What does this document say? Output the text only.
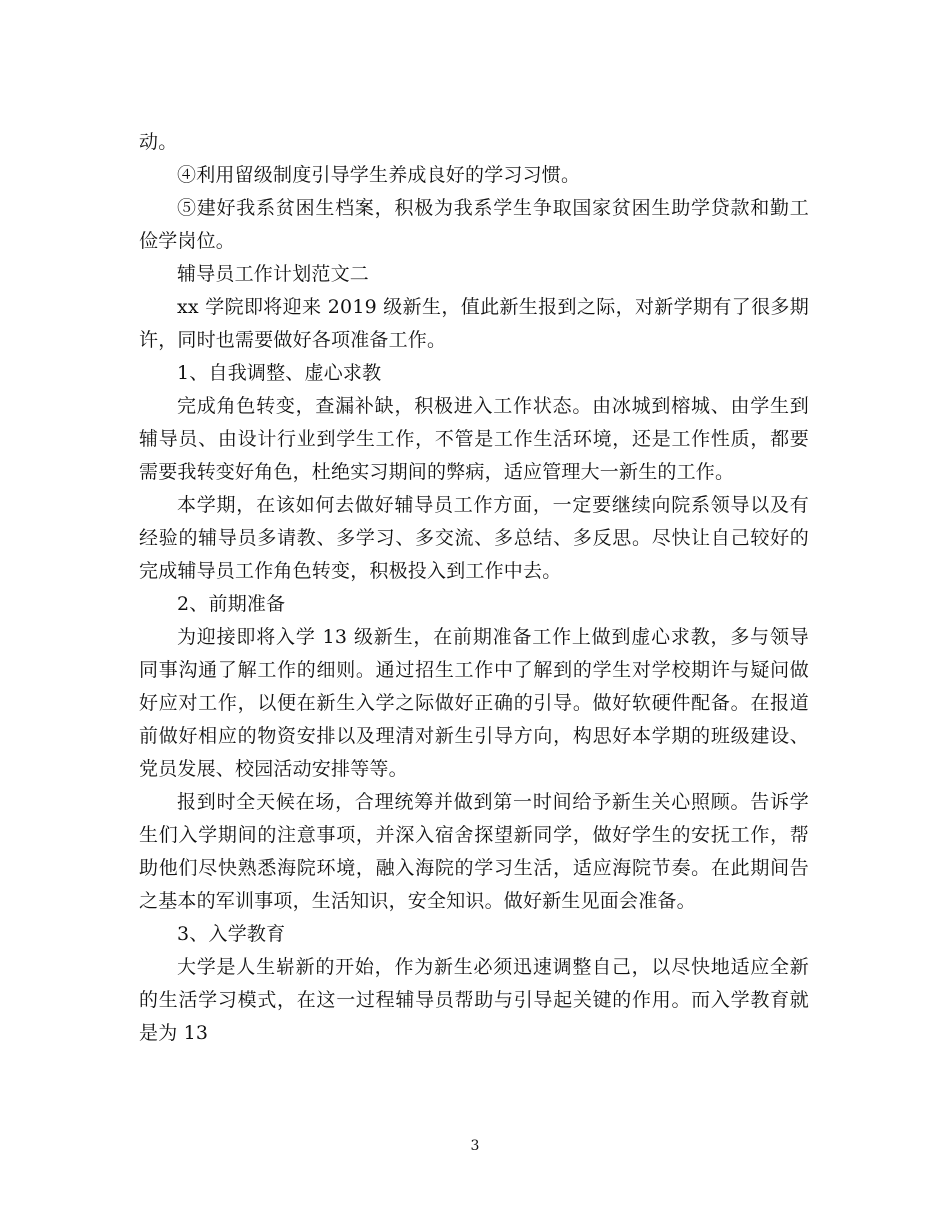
动。

④利用留级制度引导学生养成良好的学习习惯。

⑤建好我系贫困生档案，积极为我系学生争取国家贫困生助学贷款和勤工俭学岗位。

辅导员工作计划范文二

xx 学院即将迎来 2019 级新生，值此新生报到之际，对新学期有了很多期许，同时也需要做好各项准备工作。

1、自我调整、虚心求教

完成角色转变，查漏补缺，积极进入工作状态。由冰城到榕城、由学生到辅导员、由设计行业到学生工作，不管是工作生活环境，还是工作性质，都要需要我转变好角色，杜绝实习期间的弊病，适应管理大一新生的工作。

本学期，在该如何去做好辅导员工作方面，一定要继续向院系领导以及有经验的辅导员多请教、多学习、多交流、多总结、多反思。尽快让自己较好的完成辅导员工作角色转变，积极投入到工作中去。

2、前期准备

为迎接即将入学 13 级新生，在前期准备工作上做到虚心求教，多与领导同事沟通了解工作的细则。通过招生工作中了解到的学生对学校期许与疑问做好应对工作，以便在新生入学之际做好正确的引导。做好软硬件配备。在报道前做好相应的物资安排以及理清对新生引导方向，构思好本学期的班级建设、党员发展、校园活动安排等等。

报到时全天候在场，合理统筹并做到第一时间给予新生关心照顾。告诉学生们入学期间的注意事项，并深入宿舍探望新同学，做好学生的安抚工作，帮助他们尽快熟悉海院环境，融入海院的学习生活，适应海院节奏。在此期间告之基本的军训事项，生活知识，安全知识。做好新生见面会准备。

3、入学教育

大学是人生崭新的开始，作为新生必须迅速调整自己，以尽快地适应全新的生活学习模式，在这一过程辅导员帮助与引导起关键的作用。而入学教育就是为 13

3
